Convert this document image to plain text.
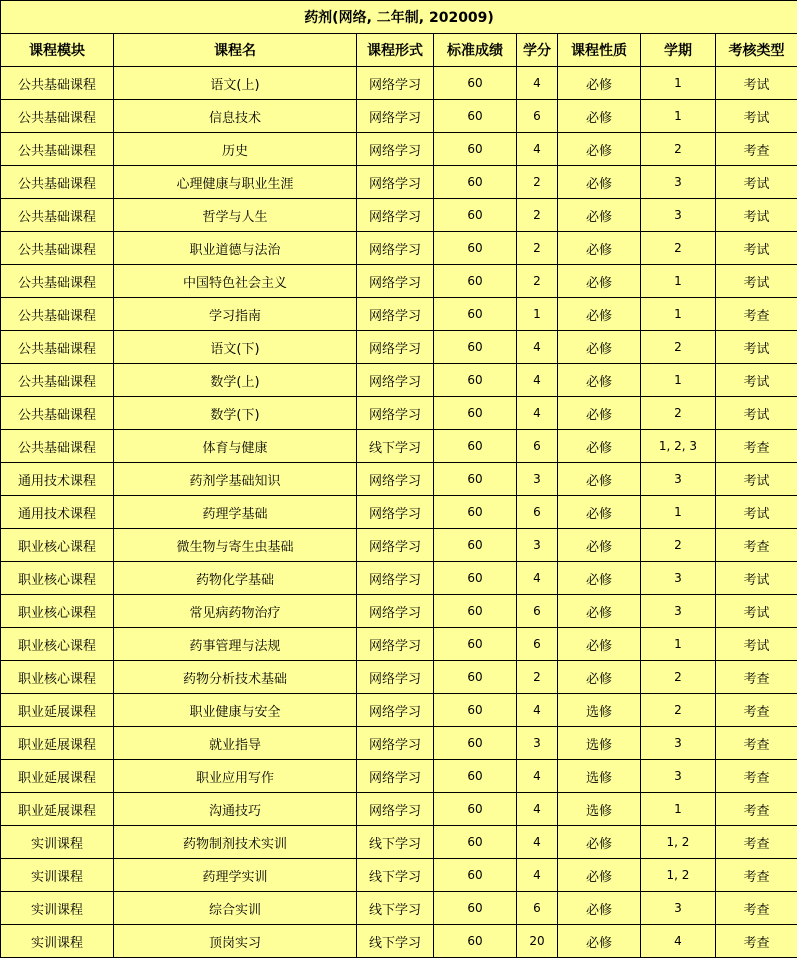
药剂(网络, 二年制, 202009)							
课程模块	课程名	课程形式	标准成绩	学分	课程性质	学期	考核类型
公共基础课程	语文(上)	网络学习	60	4	必修	1	考试
公共基础课程	信息技术	网络学习	60	6	必修	1	考试
公共基础课程	历史	网络学习	60	4	必修	2	考查
公共基础课程	心理健康与职业生涯	网络学习	60	2	必修	3	考试
公共基础课程	哲学与人生	网络学习	60	2	必修	3	考试
公共基础课程	职业道德与法治	网络学习	60	2	必修	2	考试
公共基础课程	中国特色社会主义	网络学习	60	2	必修	1	考试
公共基础课程	学习指南	网络学习	60	1	必修	1	考查
公共基础课程	语文(下)	网络学习	60	4	必修	2	考试
公共基础课程	数学(上)	网络学习	60	4	必修	1	考试
公共基础课程	数学(下)	网络学习	60	4	必修	2	考试
公共基础课程	体育与健康	线下学习	60	6	必修	1, 2, 3	考查
通用技术课程	药剂学基础知识	网络学习	60	3	必修	3	考试
通用技术课程	药理学基础	网络学习	60	6	必修	1	考试
职业核心课程	微生物与寄生虫基础	网络学习	60	3	必修	2	考查
职业核心课程	药物化学基础	网络学习	60	4	必修	3	考试
职业核心课程	常见病药物治疗	网络学习	60	6	必修	3	考试
职业核心课程	药事管理与法规	网络学习	60	6	必修	1	考试
职业核心课程	药物分析技术基础	网络学习	60	2	必修	2	考查
职业延展课程	职业健康与安全	网络学习	60	4	选修	2	考查
职业延展课程	就业指导	网络学习	60	3	选修	3	考查
职业延展课程	职业应用写作	网络学习	60	4	选修	3	考查
职业延展课程	沟通技巧	网络学习	60	4	选修	1	考查
实训课程	药物制剂技术实训	线下学习	60	4	必修	1, 2	考查
实训课程	药理学实训	线下学习	60	4	必修	1, 2	考查
实训课程	综合实训	线下学习	60	6	必修	3	考查
实训课程	顶岗实习	线下学习	60	20	必修	4	考查
